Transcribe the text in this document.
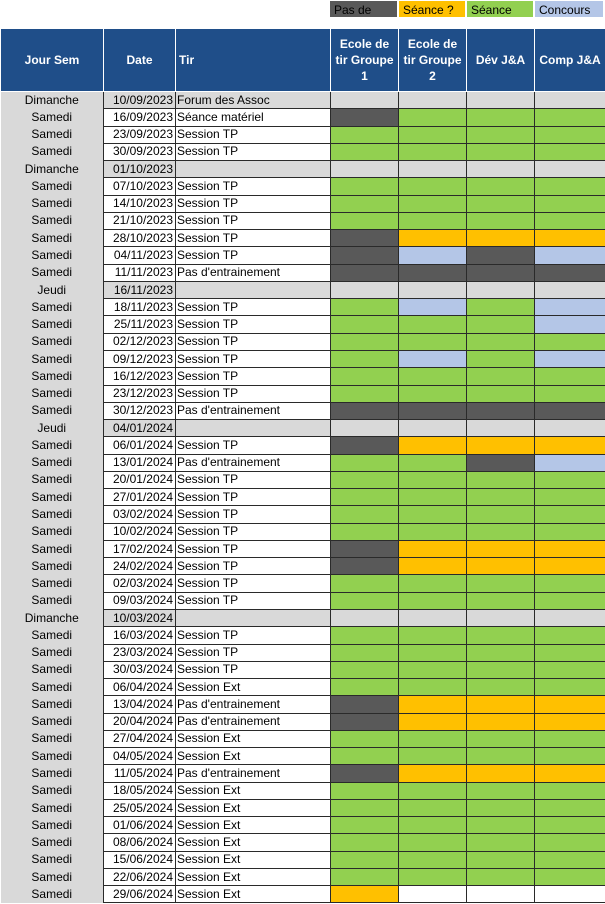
Pas de	Séance ?	Séance	Concours
Jour Sem	Date	Tir	Ecole de tir Groupe 1	Ecole de tir Groupe 2	Dév J&A	Comp J&A
Dimanche	10/09/2023	Forum des Assoc				
Samedi	16/09/2023	Séance matériel				
Samedi	23/09/2023	Session TP				
Samedi	30/09/2023	Session TP				
Dimanche	01/10/2023					
Samedi	07/10/2023	Session TP				
Samedi	14/10/2023	Session TP				
Samedi	21/10/2023	Session TP				
Samedi	28/10/2023	Session TP				
Samedi	04/11/2023	Session TP				
Samedi	11/11/2023	Pas d'entrainement				
Jeudi	16/11/2023					
Samedi	18/11/2023	Session TP				
Samedi	25/11/2023	Session TP				
Samedi	02/12/2023	Session TP				
Samedi	09/12/2023	Session TP				
Samedi	16/12/2023	Session TP				
Samedi	23/12/2023	Session TP				
Samedi	30/12/2023	Pas d'entrainement				
Jeudi	04/01/2024					
Samedi	06/01/2024	Session TP				
Samedi	13/01/2024	Pas d'entrainement				
Samedi	20/01/2024	Session TP				
Samedi	27/01/2024	Session TP				
Samedi	03/02/2024	Session TP				
Samedi	10/02/2024	Session TP				
Samedi	17/02/2024	Session TP				
Samedi	24/02/2024	Session TP				
Samedi	02/03/2024	Session TP				
Samedi	09/03/2024	Session TP				
Dimanche	10/03/2024					
Samedi	16/03/2024	Session TP				
Samedi	23/03/2024	Session TP				
Samedi	30/03/2024	Session TP				
Samedi	06/04/2024	Session Ext				
Samedi	13/04/2024	Pas d'entrainement				
Samedi	20/04/2024	Pas d'entrainement				
Samedi	27/04/2024	Session Ext				
Samedi	04/05/2024	Session Ext				
Samedi	11/05/2024	Pas d'entrainement				
Samedi	18/05/2024	Session Ext				
Samedi	25/05/2024	Session Ext				
Samedi	01/06/2024	Session Ext				
Samedi	08/06/2024	Session Ext				
Samedi	15/06/2024	Session Ext				
Samedi	22/06/2024	Session Ext				
Samedi	29/06/2024	Session Ext				
